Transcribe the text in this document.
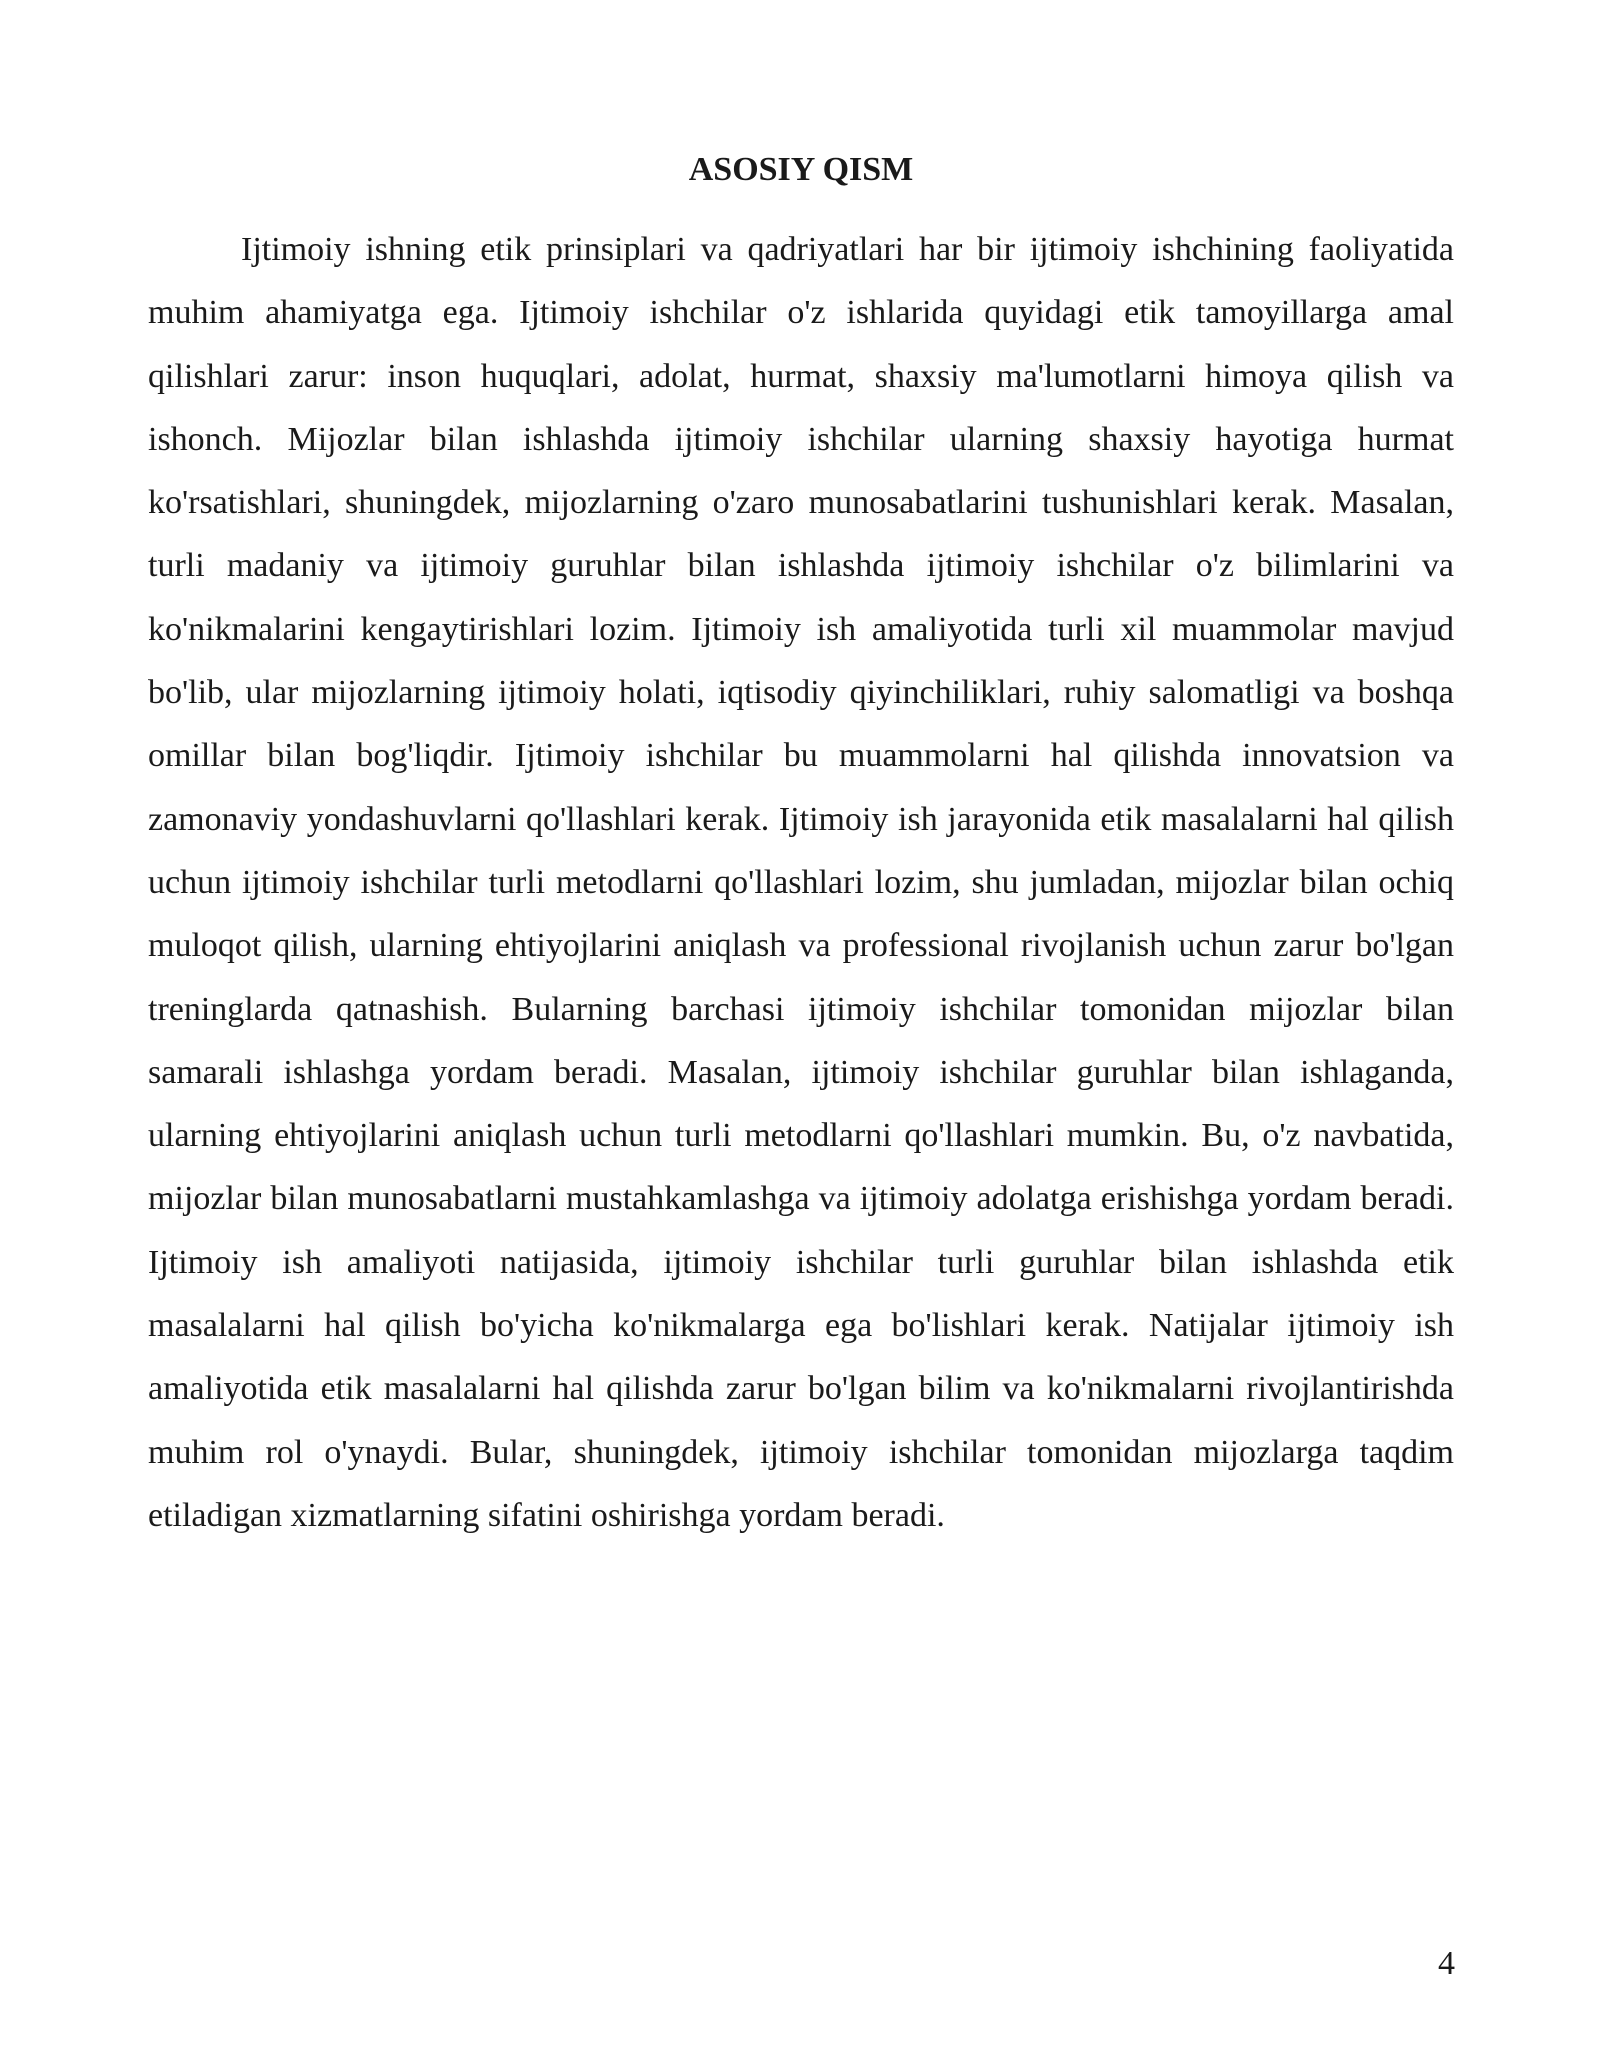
ASOSIY QISM

Ijtimoiy ishning etik prinsiplari va qadriyatlari har bir ijtimoiy ishchining faoliyatida muhim ahamiyatga ega. Ijtimoiy ishchilar o'z ishlarida quyidagi etik tamoyillarga amal qilishlari zarur: inson huquqlari, adolat, hurmat, shaxsiy ma'lumotlarni himoya qilish va ishonch. Mijozlar bilan ishlashda ijtimoiy ishchilar ularning shaxsiy hayotiga hurmat ko'rsatishlari, shuningdek, mijozlarning o'zaro munosabatlarini tushunishlari kerak. Masalan, turli madaniy va ijtimoiy guruhlar bilan ishlashda ijtimoiy ishchilar o'z bilimlarini va ko'nikmalarini kengaytirishlari lozim. Ijtimoiy ish amaliyotida turli xil muammolar mavjud bo'lib, ular mijozlarning ijtimoiy holati, iqtisodiy qiyinchiliklari, ruhiy salomatligi va boshqa omillar bilan bog'liqdir. Ijtimoiy ishchilar bu muammolarni hal qilishda innovatsion va zamonaviy yondashuvlarni qo'llashlari kerak. Ijtimoiy ish jarayonida etik masalalarni hal qilish uchun ijtimoiy ishchilar turli metodlarni qo'llashlari lozim, shu jumladan, mijozlar bilan ochiq muloqot qilish, ularning ehtiyojlarini aniqlash va professional rivojlanish uchun zarur bo'lgan treninglarda qatnashish. Bularning barchasi ijtimoiy ishchilar tomonidan mijozlar bilan samarali ishlashga yordam beradi. Masalan, ijtimoiy ishchilar guruhlar bilan ishlaganda, ularning ehtiyojlarini aniqlash uchun turli metodlarni qo'llashlari mumkin. Bu, o'z navbatida, mijozlar bilan munosabatlarni mustahkamlashga va ijtimoiy adolatga erishishga yordam beradi. Ijtimoiy ish amaliyoti natijasida, ijtimoiy ishchilar turli guruhlar bilan ishlashda etik masalalarni hal qilish bo'yicha ko'nikmalarga ega bo'lishlari kerak. Natijalar ijtimoiy ish amaliyotida etik masalalarni hal qilishda zarur bo'lgan bilim va ko'nikmalarni rivojlantirishda muhim rol o'ynaydi. Bular, shuningdek, ijtimoiy ishchilar tomonidan mijozlarga taqdim etiladigan xizmatlarning sifatini oshirishga yordam beradi.

4
